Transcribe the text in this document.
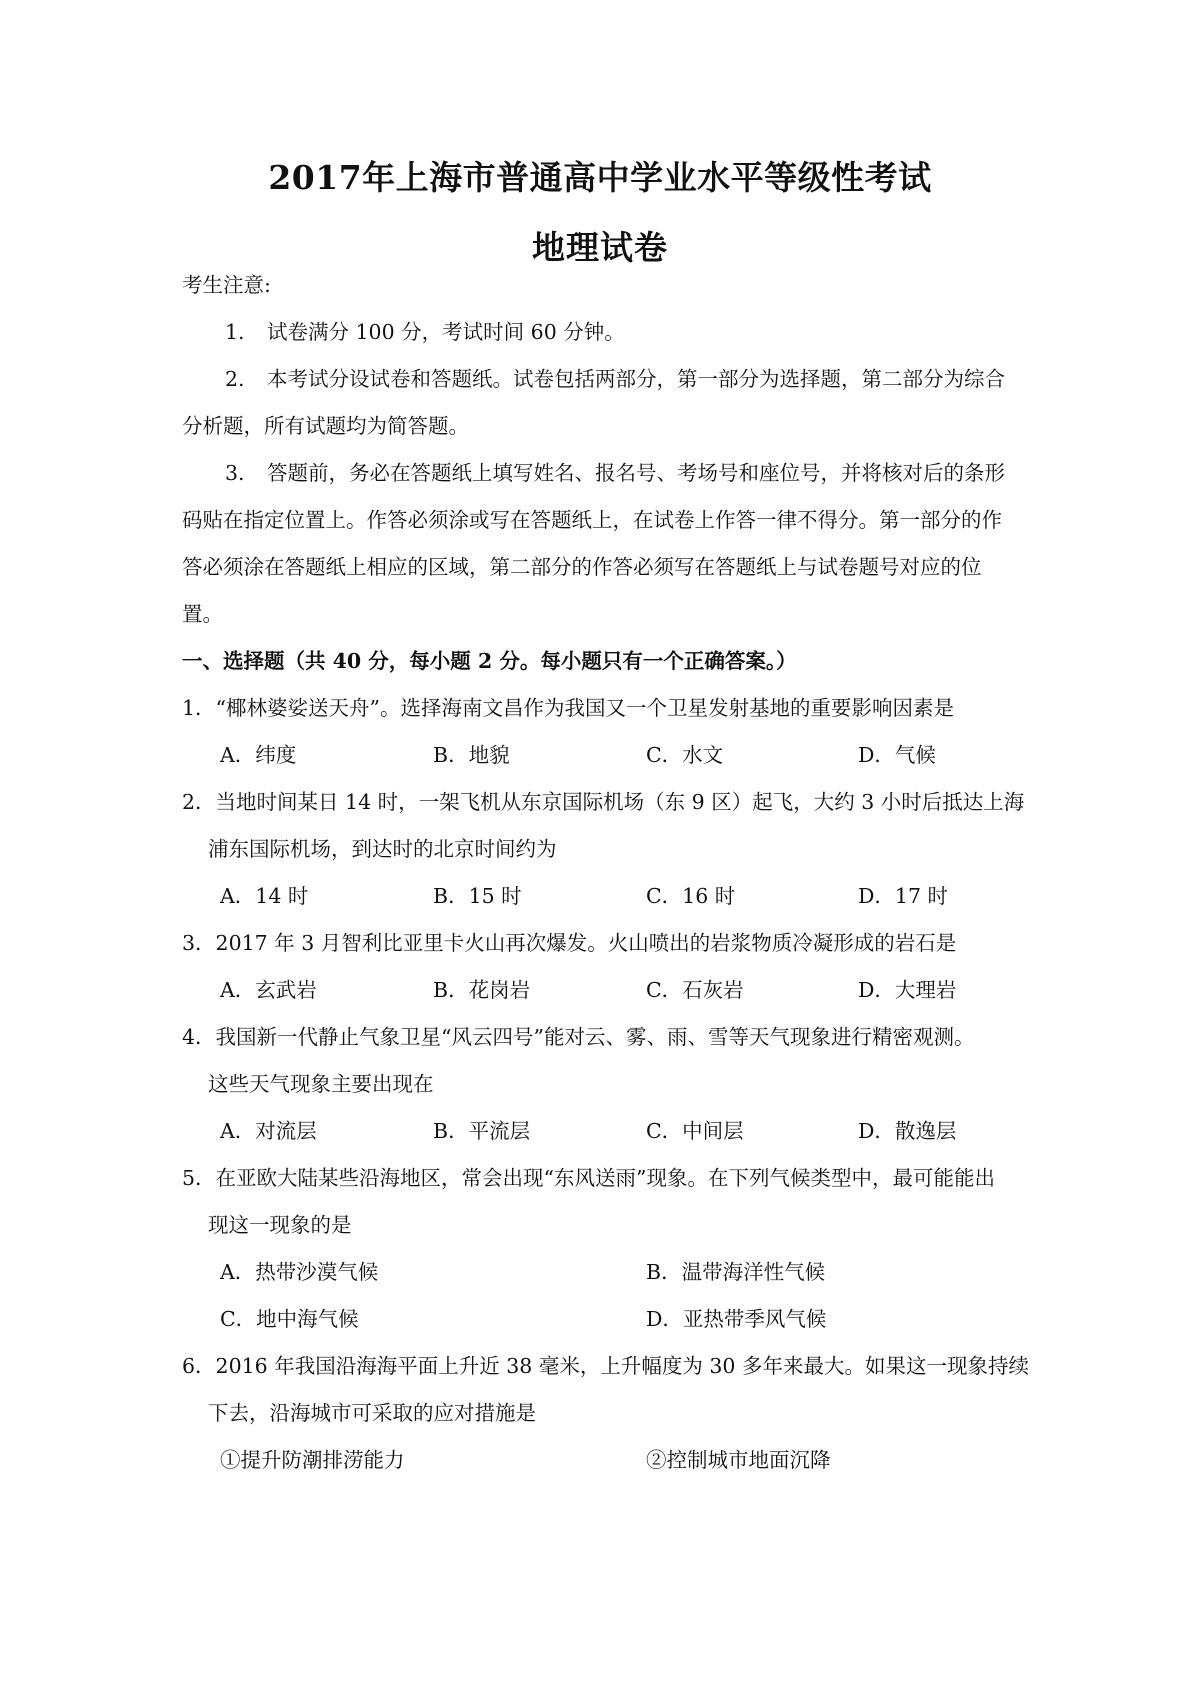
2017年上海市普通高中学业水平等级性考试
地理试卷
考生注意:
1. 试卷满分 100 分，考试时间 60 分钟。
2. 本考试分设试卷和答题纸。试卷包括两部分，第一部分为选择题，第二部分为综合
分析题，所有试题均为简答题。
3. 答题前，务必在答题纸上填写姓名、报名号、考场号和座位号，并将核对后的条形
码贴在指定位置上。作答必须涂或写在答题纸上，在试卷上作答一律不得分。第一部分的作
答必须涂在答题纸上相应的区域，第二部分的作答必须写在答题纸上与试卷题号对应的位
置。
一、选择题（共 40 分，每小题 2 分。每小题只有一个正确答案。）
1．“椰林婆娑送天舟”。选择海南文昌作为我国又一个卫星发射基地的重要影响因素是
A．纬度	B．地貌	C．水文	D．气候
2．当地时间某日 14 时，一架飞机从东京国际机场（东 9 区）起飞，大约 3 小时后抵达上海
浦东国际机场，到达时的北京时间约为
A．14 时	B．15 时	C．16 时	D．17 时
3．2017 年 3 月智利比亚里卡火山再次爆发。火山喷出的岩浆物质冷凝形成的岩石是
A．玄武岩	B．花岗岩	C．石灰岩	D．大理岩
4．我国新一代静止气象卫星“风云四号”能对云、雾、雨、雪等天气现象进行精密观测。
这些天气现象主要出现在
A．对流层	B．平流层	C．中间层	D．散逸层
5．在亚欧大陆某些沿海地区，常会出现“东风送雨”现象。在下列气候类型中，最可能能出
现这一现象的是
A．热带沙漠气候	B．温带海洋性气候
C．地中海气候	D．亚热带季风气候
6．2016 年我国沿海海平面上升近 38 毫米，上升幅度为 30 多年来最大。如果这一现象持续
下去，沿海城市可采取的应对措施是
①提升防潮排涝能力	②控制城市地面沉降
